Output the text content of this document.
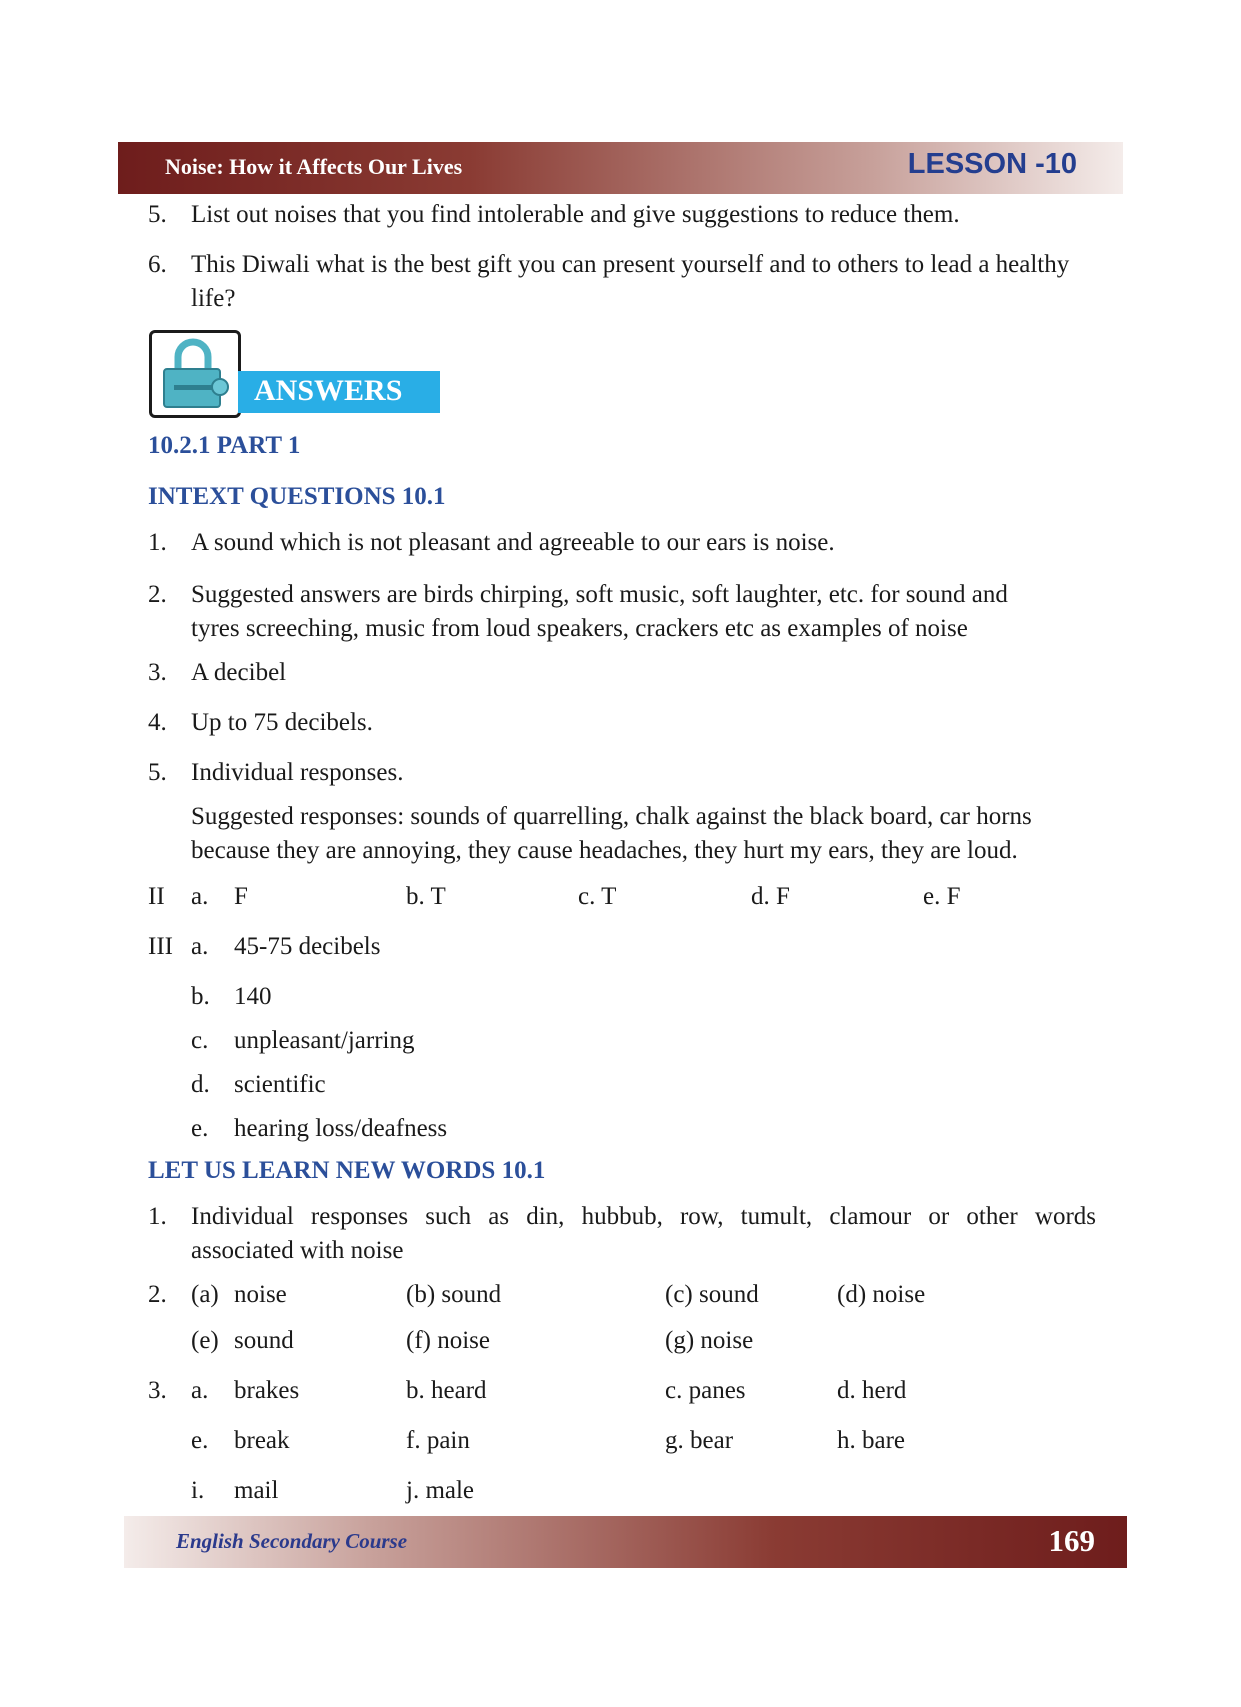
Noise: How it Affects Our Lives	LESSON -10
5. List out noises that you find intolerable and give suggestions to reduce them.
6. This Diwali what is the best gift you can present yourself and to others to lead a healthy
life?
ANSWERS
10.2.1 PART 1
INTEXT QUESTIONS 10.1
1. A sound which is not pleasant and agreeable to our ears is noise.
2. Suggested answers are birds chirping, soft music, soft laughter, etc. for sound and
tyres screeching, music from loud speakers, crackers etc as examples of noise
3. A decibel
4. Up to 75 decibels.
5. Individual responses.
Suggested responses: sounds of quarrelling, chalk against the black board, car horns
because they are annoying, they cause headaches, they hurt my ears, they are loud.
II a. F	b. T	c. T	d. F	e. F
III a. 45-75 decibels
b. 140
c. unpleasant/jarring
d. scientific
e. hearing loss/deafness
LET US LEARN NEW WORDS 10.1
1. Individual responses such as din, hubbub, row, tumult, clamour or other words
associated with noise
2. (a) noise	(b) sound	(c) sound	(d) noise
(e) sound	(f) noise	(g) noise
3. a. brakes	b. heard	c. panes	d. herd
e. break	f. pain	g. bear	h. bare
i. mail	j. male
English Secondary Course	169
